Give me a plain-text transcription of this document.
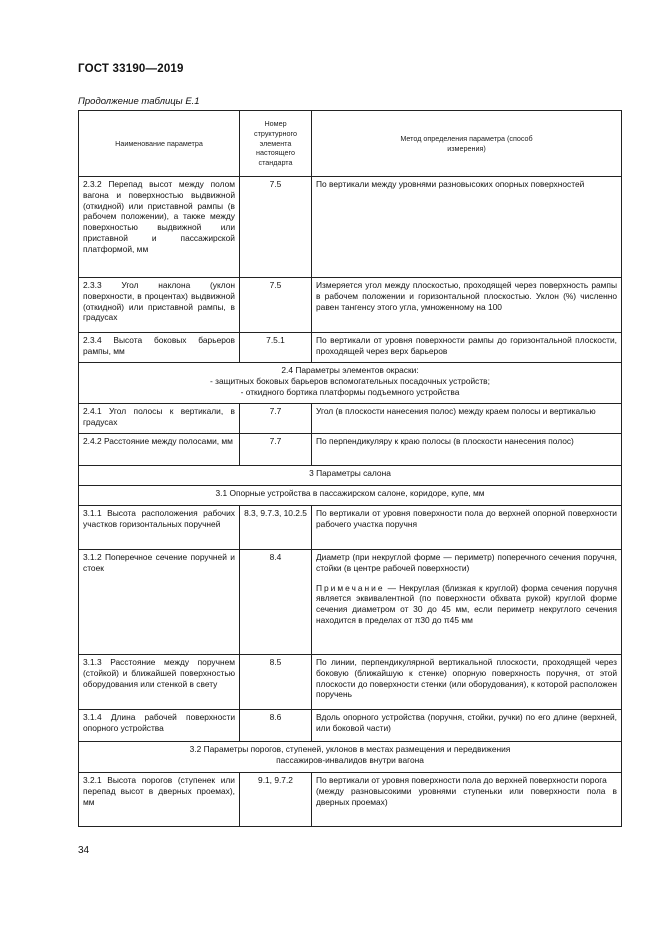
ГОСТ 33190—2019
Продолжение таблицы Е.1
Наименование параметра	Номер структурного элемента настоящего стандарта	Метод определения параметра (способ измерения)
2.3.2 Перепад высот между полом вагона и поверхностью выдвижной (откидной) или приставной рампы (в рабочем положении), а также между поверхностью выдвижной или приставной и пассажирской платформой, мм	7.5	По вертикали между уровнями разновысоких опорных поверхностей
2.3.3 Угол наклона (уклон поверхности, в процентах) выдвижной (откидной) или приставной рампы, в градусах	7.5	Измеряется угол между плоскостью, проходящей через поверхность рампы в рабочем положении и горизонтальной плоскостью. Уклон (%) численно равен тангенсу этого угла, умноженному на 100
2.3.4 Высота боковых барьеров рампы, мм	7.5.1	По вертикали от уровня поверхности рампы до горизонтальной плоскости, проходящей через верх барьеров

2.4 Параметры элементов окраски:
- защитных боковых барьеров вспомогательных посадочных устройств;
- откидного бортика платформы подъемного устройства		

2.4.1 Угол полосы к вертикали, в градусах	7.7	Угол (в плоскости нанесения полос) между краем полосы и вертикалью
2.4.2 Расстояние между полосами, мм	7.7	По перпендикуляру к краю полосы (в плоскости нанесения полос)
3 Параметры салона		
3.1 Опорные устройства в пассажирском салоне, коридоре, купе, мм		
3.1.1 Высота расположения рабочих участков горизонтальных поручней	8.3, 9.7.3, 10.2.5	По вертикали от уровня поверхности пола до верхней опорной поверхности рабочего участка поручня
3.1.2 Поперечное сечение поручней и стоек	8.4	Диаметр (при некруглой форме — периметр) поперечного сечения поручня, стойки (в центре рабочей поверхности)

Примечание — Некруглая (близкая к круглой) форма сечения поручня является эквивалентной (по поверхности обхвата рукой) круглой форме сечения диаметром от 30 до 45 мм, если периметр некруглого сечения находится в пределах от π30 до π45 мм

3.1.3 Расстояние между поручнем (стойкой) и ближайшей поверхностью оборудования или стенкой в свету	8.5	По линии, перпендикулярной вертикальной плоскости, проходящей через боковую (ближайшую к стенке) опорную поверхность поручня, от этой плоскости до поверхности стенки (или оборудования), к которой расположен поручень
3.1.4 Длина рабочей поверхности опорного устройства	8.6	Вдоль опорного устройства (поручня, стойки, ручки) по его длине (верхней, или боковой части)

3.2 Параметры порогов, ступеней, уклонов в местах размещения и передвижения
пассажиров-инвалидов внутри вагона		

3.2.1 Высота порогов (ступенек или перепад высот в дверных проемах), мм	9.1, 9.7.2	По вертикали от уровня поверхности пола до верхней поверхности порога
(между разновысокими уровнями ступеньки или поверхности пола в дверных проемах)
34
